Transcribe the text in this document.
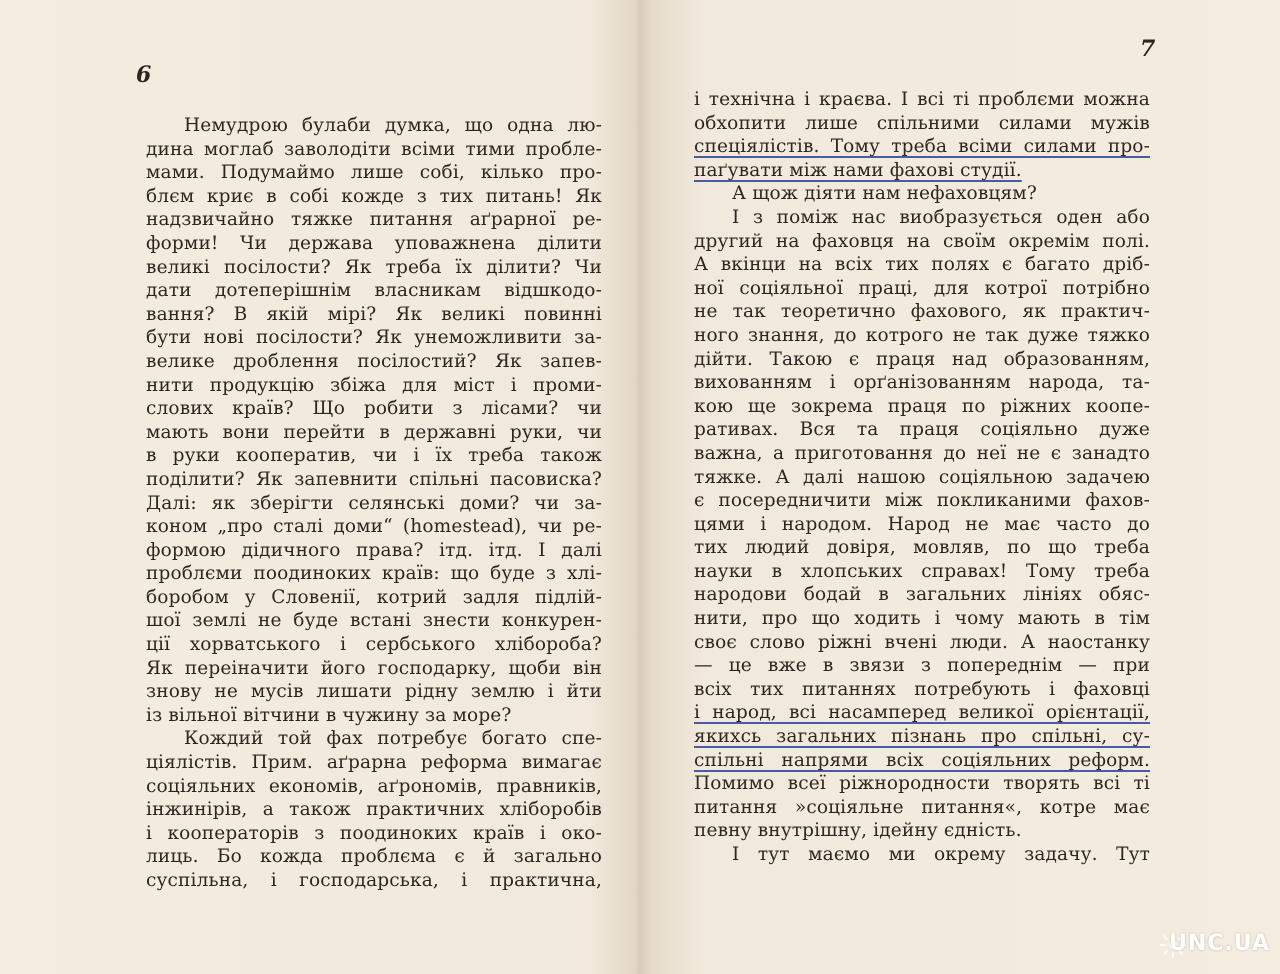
6
Немудрою булаби думка, що одна лю-
дина моглаб заволодіти всіми тими пробле-
мами. Подумаймо лише собі, кілько про-
блєм криє в собі кожде з тих питань! Як
надзвичайно тяжке питання аґрарної ре-
форми! Чи держава уповажнена ділити
великі посілости? Як треба їх ділити? Чи
дати дотеперішнім власникам відшкодо-
вання? В якій мірі? Як великі повинні
бути нові посілости? Як унеможливити за-
велике дроблення посілостий? Як запев-
нити продукцію збіжа для міст і проми-
слових країв? Що робити з лісами? чи
мають вони перейти в державні руки, чи
в руки кооператив, чи і їх треба також
поділити? Як запевнити спільні пасовиска?
Далі: як зберігти селянські доми? чи за-
коном „про сталі доми“ (homestead), чи ре-
формою дідичного права? ітд. ітд. І далі
проблєми поодиноких країв: що буде з хлі-
боробом у Словенії, котрий задля підлій-
шої землі не буде встані знести конкурен-
ції хорватського і сербського хлібороба?
Як переіначити його господарку, щоби він
знову не мусів лишати рідну землю і йти
із вільної вітчини в чужину за море?
Кождий той фах потребує богато спе-
ціялістів. Прим. аґрарна реформа вимагає
соціяльних економів, аґрономів, правників,
інжинірів, а також практичних хліборобів
і кооператорів з поодиноких країв і око-
лиць. Бо кожда проблєма є й загально
суспільна, і господарська, і практична,
7
і технічна і краєва. І всі ті проблєми можна
обхопити лише спільними силами мужів
спеціялістів. Тому треба всіми силами про-
паґувати між нами фахові студії.
А щож діяти нам нефаховцям?
І з поміж нас виобразується оден або
другий на фаховця на своїм окремім полі.
А вкінци на всіх тих полях є багато дріб-
ної соціяльної праці, для котрої потрібно
не так теоретично фахового, як практич-
ного знання, до котрого не так дуже тяжко
дійти. Такою є праця над образованням,
вихованням і орґанізованням народа, та-
кою ще зокрема праця по ріжних коопе-
ративах. Вся та праця соціяльно дуже
важна, а приготовання до неї не є занадто
тяжке. А далі нашою соціяльною задачею
є посередничити між покликаними фахов-
цями і народом. Народ не має часто до
тих людий довіря, мовляв, по що треба
науки в хлопських справах! Тому треба
народови бодай в загальних лініях обяс-
нити, про що ходить і чому мають в тім
своє слово ріжні вчені люди. А наостанку
— це вже в звязи з попереднім — при
всіх тих питаннях потребують і фаховці
і народ, всі насамперед великої орієнтації,
якихсь загальних пізнань про спільні, су-
спільні напрями всіх соціяльних реформ.
Помимо всеї ріжнородности творять всі ті
питання »соціяльне питання«, котре має
певну внутрішну, ідейну єдність.
І тут маємо ми окрему задачу. Тут
UNC.UA
